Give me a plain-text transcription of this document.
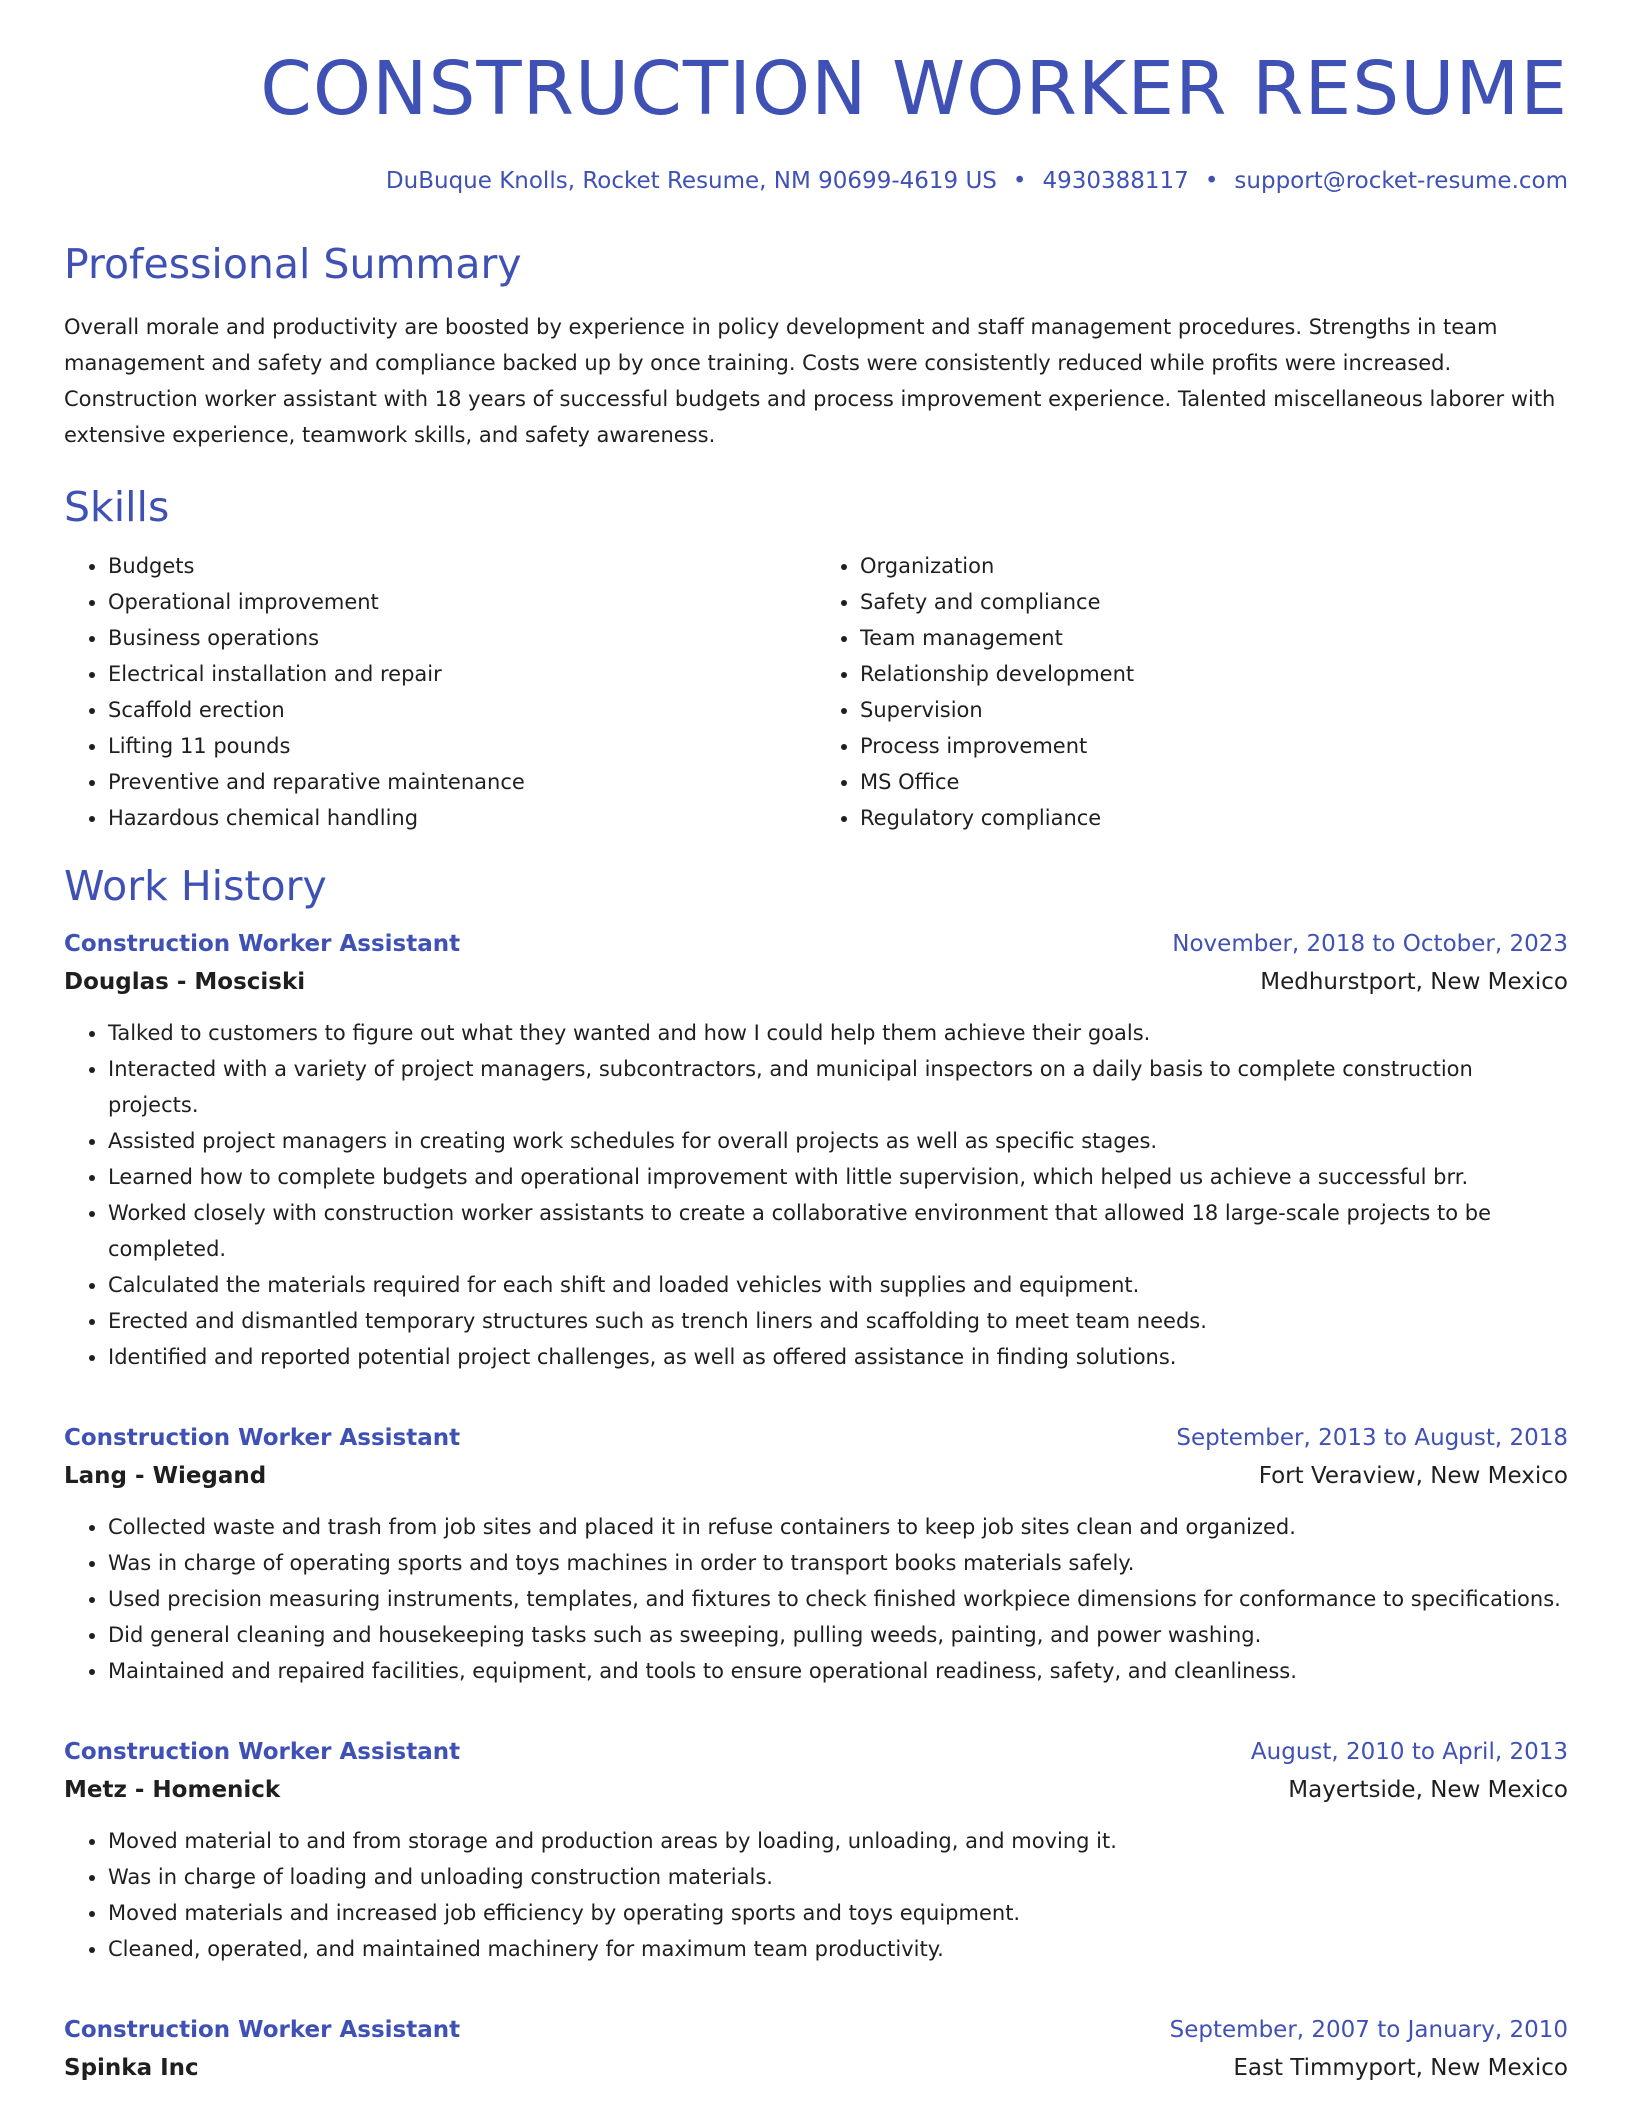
CONSTRUCTION WORKER RESUME
DuBuque Knolls, Rocket Resume, NM 90699-4619 US • 4930388117 • support@rocket-resume.com
Professional Summary

Overall morale and productivity are boosted by experience in policy development and staff management procedures. Strengths in team management and safety and compliance backed up by once training. Costs were consistently reduced while profits were increased. Construction worker assistant with 18 years of successful budgets and process improvement experience. Talented miscellaneous laborer with extensive experience, teamwork skills, and safety awareness.

Skills
• Budgets
• Operational improvement
• Business operations
• Electrical installation and repair
• Scaffold erection
• Lifting 11 pounds
• Preventive and reparative maintenance
• Hazardous chemical handling
• Organization
• Safety and compliance
• Team management
• Relationship development
• Supervision
• Process improvement
• MS Office
• Regulatory compliance
Work History
Construction Worker Assistant	November, 2018 to October, 2023
Douglas - Mosciski	Medhurstport, New Mexico
• Talked to customers to figure out what they wanted and how I could help them achieve their goals.
• Interacted with a variety of project managers, subcontractors, and municipal inspectors on a daily basis to complete construction projects.
• Assisted project managers in creating work schedules for overall projects as well as specific stages.
• Learned how to complete budgets and operational improvement with little supervision, which helped us achieve a successful brr.
• Worked closely with construction worker assistants to create a collaborative environment that allowed 18 large-scale projects to be completed.
• Calculated the materials required for each shift and loaded vehicles with supplies and equipment.
• Erected and dismantled temporary structures such as trench liners and scaffolding to meet team needs.
• Identified and reported potential project challenges, as well as offered assistance in finding solutions.
Construction Worker Assistant	September, 2013 to August, 2018
Lang - Wiegand	Fort Veraview, New Mexico
• Collected waste and trash from job sites and placed it in refuse containers to keep job sites clean and organized.
• Was in charge of operating sports and toys machines in order to transport books materials safely.
• Used precision measuring instruments, templates, and fixtures to check finished workpiece dimensions for conformance to specifications.
• Did general cleaning and housekeeping tasks such as sweeping, pulling weeds, painting, and power washing.
• Maintained and repaired facilities, equipment, and tools to ensure operational readiness, safety, and cleanliness.
Construction Worker Assistant	August, 2010 to April, 2013
Metz - Homenick	Mayertside, New Mexico
• Moved material to and from storage and production areas by loading, unloading, and moving it.
• Was in charge of loading and unloading construction materials.
• Moved materials and increased job efficiency by operating sports and toys equipment.
• Cleaned, operated, and maintained machinery for maximum team productivity.
Construction Worker Assistant	September, 2007 to January, 2010
Spinka Inc	East Timmyport, New Mexico
